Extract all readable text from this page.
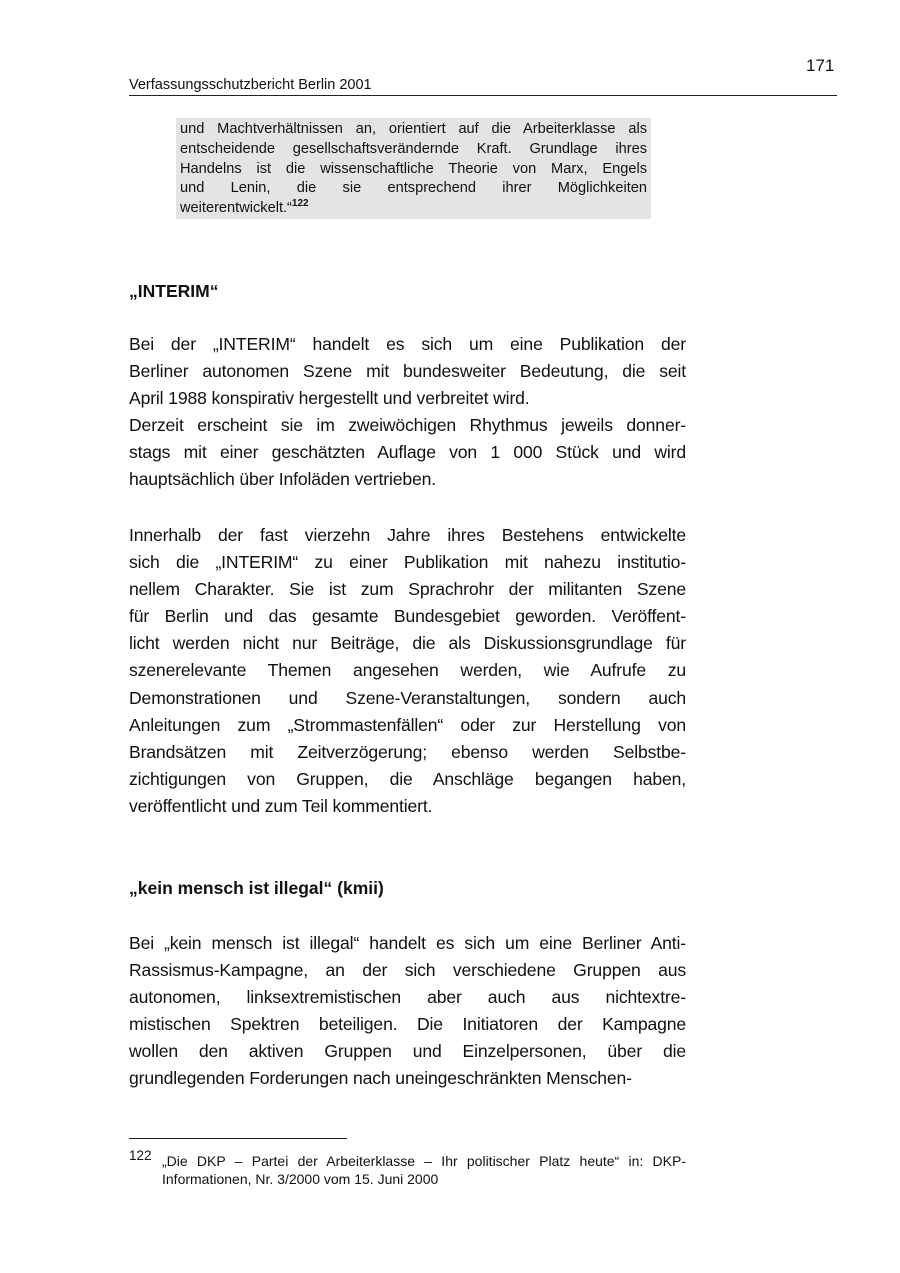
171
Verfassungsschutzbericht Berlin 2001
und Machtverhältnissen an, orientiert auf die Arbeiterklasse als
entscheidende gesellschaftsverändernde Kraft. Grundlage ihres
Handelns ist die wissenschaftliche Theorie von Marx, Engels
und Lenin, die sie entsprechend ihrer Möglichkeiten
weiterentwickelt.“$^{122}$
„INTERIM“
Bei der „INTERIM“ handelt es sich um eine Publikation der
Berliner autonomen Szene mit bundesweiter Bedeutung, die seit
April 1988 konspirativ hergestellt und verbreitet wird.
Derzeit erscheint sie im zweiwöchigen Rhythmus jeweils donner-
stags mit einer geschätzten Auflage von 1 000 Stück und wird
hauptsächlich über Infoläden vertrieben.
Innerhalb der fast vierzehn Jahre ihres Bestehens entwickelte
sich die „INTERIM“ zu einer Publikation mit nahezu institutio-
nellem Charakter. Sie ist zum Sprachrohr der militanten Szene
für Berlin und das gesamte Bundesgebiet geworden. Veröffent-
licht werden nicht nur Beiträge, die als Diskussionsgrundlage für
szenerelevante Themen angesehen werden, wie Aufrufe zu
Demonstrationen und Szene-Veranstaltungen, sondern auch
Anleitungen zum „Strommastenfällen“ oder zur Herstellung von
Brandsätzen mit Zeitverzögerung; ebenso werden Selbstbe-
zichtigungen von Gruppen, die Anschläge begangen haben,
veröffentlicht und zum Teil kommentiert.
„kein mensch ist illegal“ (kmii)
Bei „kein mensch ist illegal“ handelt es sich um eine Berliner Anti-
Rassismus-Kampagne, an der sich verschiedene Gruppen aus
autonomen, linksextremistischen aber auch aus nichtextre-
mistischen Spektren beteiligen. Die Initiatoren der Kampagne
wollen den aktiven Gruppen und Einzelpersonen, über die
grundlegenden Forderungen nach uneingeschränkten Menschen-
122 „Die DKP – Partei der Arbeiterklasse – Ihr politischer Platz heute“ in: DKP-
Informationen, Nr. 3/2000 vom 15. Juni 2000
